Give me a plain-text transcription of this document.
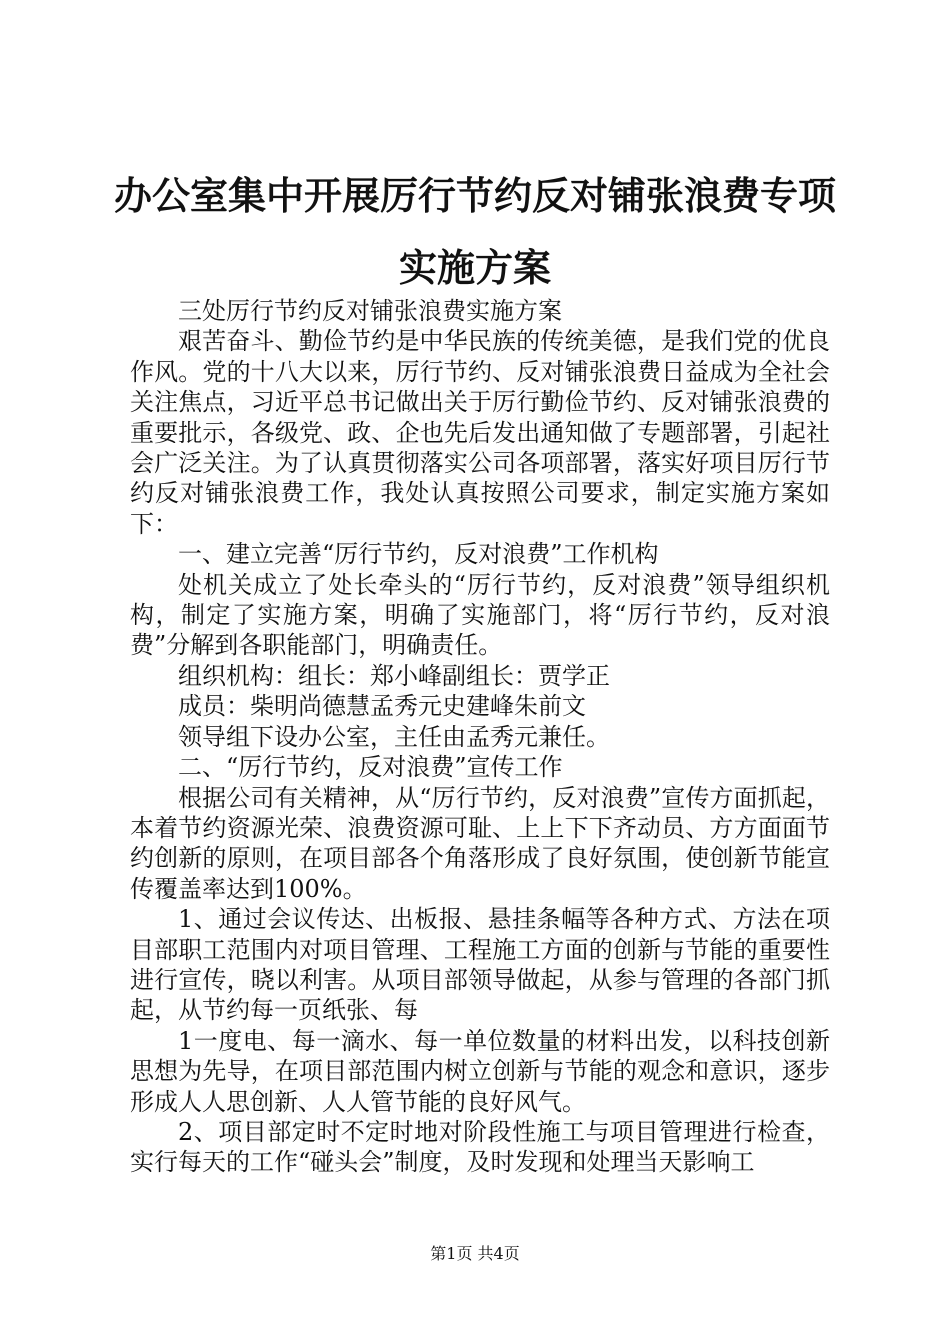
办公室集中开展厉行节约反对铺张浪费专项实施方案

三处厉行节约反对铺张浪费实施方案

艰苦奋斗、勤俭节约是中华民族的传统美德，是我们党的优良作风。党的十八大以来，厉行节约、反对铺张浪费日益成为全社会关注焦点，习近平总书记做出关于厉行勤俭节约、反对铺张浪费的重要批示，各级党、政、企也先后发出通知做了专题部署，引起社会广泛关注。为了认真贯彻落实公司各项部署，落实好项目厉行节约反对铺张浪费工作，我处认真按照公司要求，制定实施方案如下：

一、建立完善“厉行节约，反对浪费”工作机构

处机关成立了处长牵头的“厉行节约，反对浪费”领导组织机构，制定了实施方案，明确了实施部门，将“厉行节约，反对浪费”分解到各职能部门，明确责任。

组织机构：组长：郑小峰副组长：贾学正

成员：柴明尚德慧孟秀元史建峰朱前文

领导组下设办公室，主任由孟秀元兼任。

二、“厉行节约，反对浪费”宣传工作

根据公司有关精神，从“厉行节约，反对浪费”宣传方面抓起，本着节约资源光荣、浪费资源可耻、上上下下齐动员、方方面面节约创新的原则，在项目部各个角落形成了良好氛围，使创新节能宣传覆盖率达到100%。

1、通过会议传达、出板报、悬挂条幅等各种方式、方法在项目部职工范围内对项目管理、工程施工方面的创新与节能的重要性进行宣传，晓以利害。从项目部领导做起，从参与管理的各部门抓起，从节约每一页纸张、每

1一度电、每一滴水、每一单位数量的材料出发，以科技创新思想为先导，在项目部范围内树立创新与节能的观念和意识，逐步形成人人思创新、人人管节能的良好风气。

2、项目部定时不定时地对阶段性施工与项目管理进行检查，实行每天的工作“碰头会”制度，及时发现和处理当天影响工

第1页 共4页
